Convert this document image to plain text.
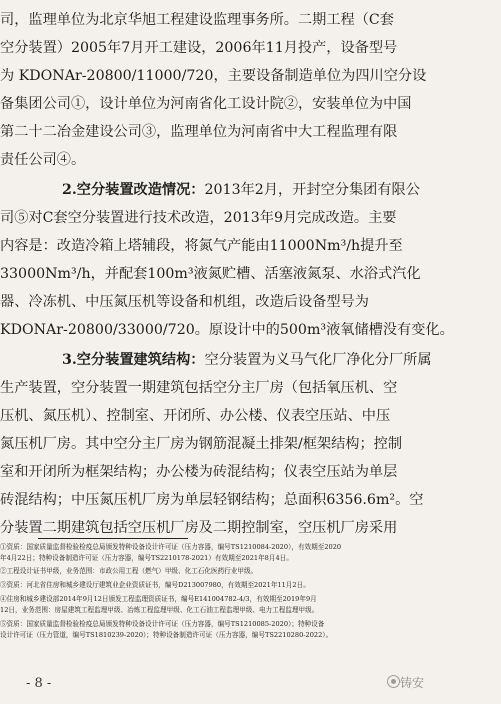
司，监理单位为北京华旭工程建设监理事务所。二期工程（C套
空分装置）2005年7月开工建设，2006年11月投产，设备型号
为 KDONAr-20800/11000/720，主要设备制造单位为四川空分设
备集团公司①，设计单位为河南省化工设计院②，安装单位为中国
第二十二冶金建设公司③，监理单位为河南省中大工程监理有限
责任公司④。
2.空分装置改造情况：2013年2月，开封空分集团有限公
司⑤对C套空分装置进行技术改造，2013年9月完成改造。主要
内容是：改造冷箱上塔辅段，将氮气产能由11000Nm³/h提升至
33000Nm³/h，并配套100m³液氮贮槽、活塞液氮泵、水浴式汽化
器、冷冻机、中压氮压机等设备和机组，改造后设备型号为
KDONAr-20800/33000/720。原设计中的500m³液氧储槽没有变化。
3.空分装置建筑结构：空分装置为义马气化厂净化分厂所属
生产装置，空分装置一期建筑包括空分主厂房（包括氧压机、空
压机、氮压机）、控制室、开闭所、办公楼、仪表空压站、中压
氮压机厂房。其中空分主厂房为钢筋混凝土排架/框架结构；控制
室和开闭所为框架结构；办公楼为砖混结构；仪表空压站为单层
砖混结构；中压氮压机厂房为单层轻钢结构；总面积6356.6m²。空
分装置二期建筑包括空压机厂房及二期控制室，空压机厂房采用
①资质：国家质量监督检验检疫总局颁发特种设备设计许可证（压力容器，编号TS1210084-2020），有效期至2020
年4月22日；特种设备制造许可证（压力容器，编号TS2210178-2021）有效期至2021年8月4日。
②工程设计证书甲级，业务范围：市政公用工程（燃气）甲级、化工石化医药行业甲级。
③资质：河北省住房和城乡建设厅建筑业企业资质证书，编号D213007980，有效期至2021年11月2日。
④住房和城乡建设部2014年9月12日颁发工程监理资质证书，编号E141004782-4/3，有效期至2019年9月
12日，业务范围：房屋建筑工程监理甲级、冶炼工程监理甲级、化工石油工程监理甲级、电力工程监理甲级。
⑤资质：国家质量监督检验检疫总局颁发特种设备设计许可证（压力容器，编号TS1210085-2020）；特种设备
设计许可证（压力管道，编号TS1810239-2020）；特种设备制造许可证（压力容器，编号TS2210280-2022）。
- 8 -	铸安
